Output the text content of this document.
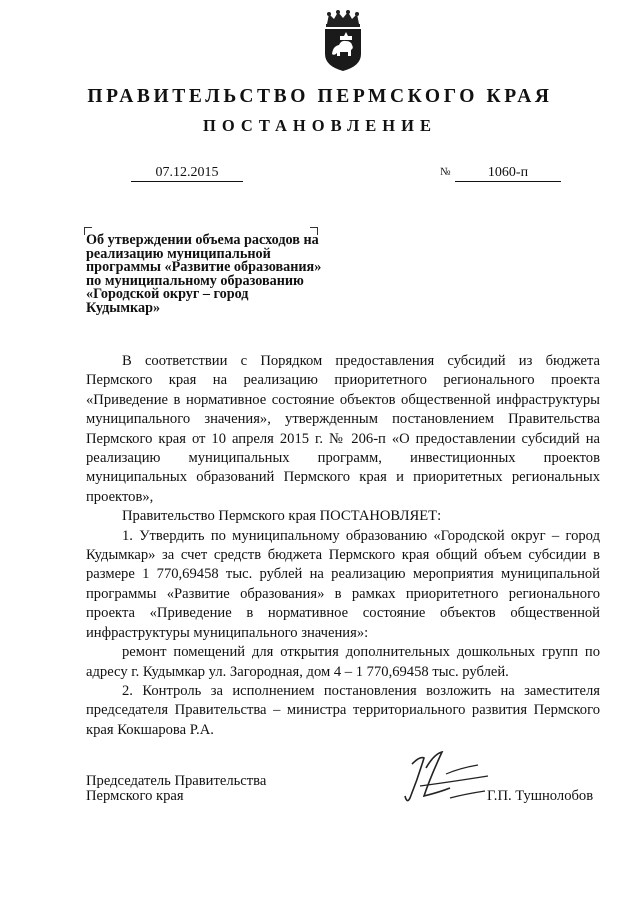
ПРАВИТЕЛЬСТВО ПЕРМСКОГО КРАЯ
ПОСТАНОВЛЕНИЕ
07.12.2015	№	1060-п
Об утверждении объема расходов на реализацию муниципальной программы «Развитие образования» по муниципальному образованию «Городской округ – город Кудымкар»

В соответствии с Порядком предоставления субсидий из бюджета Пермского края на реализацию приоритетного регионального проекта «Приведение в нормативное состояние объектов общественной инфраструктуры муниципального значения», утвержденным постановлением Правительства Пермского края от 10 апреля 2015 г. № 206-п «О предоставлении субсидий на реализацию муниципальных программ, инвестиционных проектов муниципальных образований Пермского края и приоритетных региональных проектов»,

Правительство Пермского края ПОСТАНОВЛЯЕТ:

1. Утвердить по муниципальному образованию «Городской округ – город Кудымкар» за счет средств бюджета Пермского края общий объем субсидии в размере 1 770,69458 тыс. рублей на реализацию мероприятия муниципальной программы «Развитие образования» в рамках приоритетного регионального проекта «Приведение в нормативное состояние объектов общественной инфраструктуры муниципального значения»:

ремонт помещений для открытия дополнительных дошкольных групп по адресу г. Кудымкар ул. Загородная, дом 4 – 1 770,69458 тыс. рублей.

2. Контроль за исполнением постановления возложить на заместителя председателя Правительства – министра территориального развития Пермского края Кокшарова Р.А.

Председатель Правительства
Пермского края	Г.П. Тушнолобов
